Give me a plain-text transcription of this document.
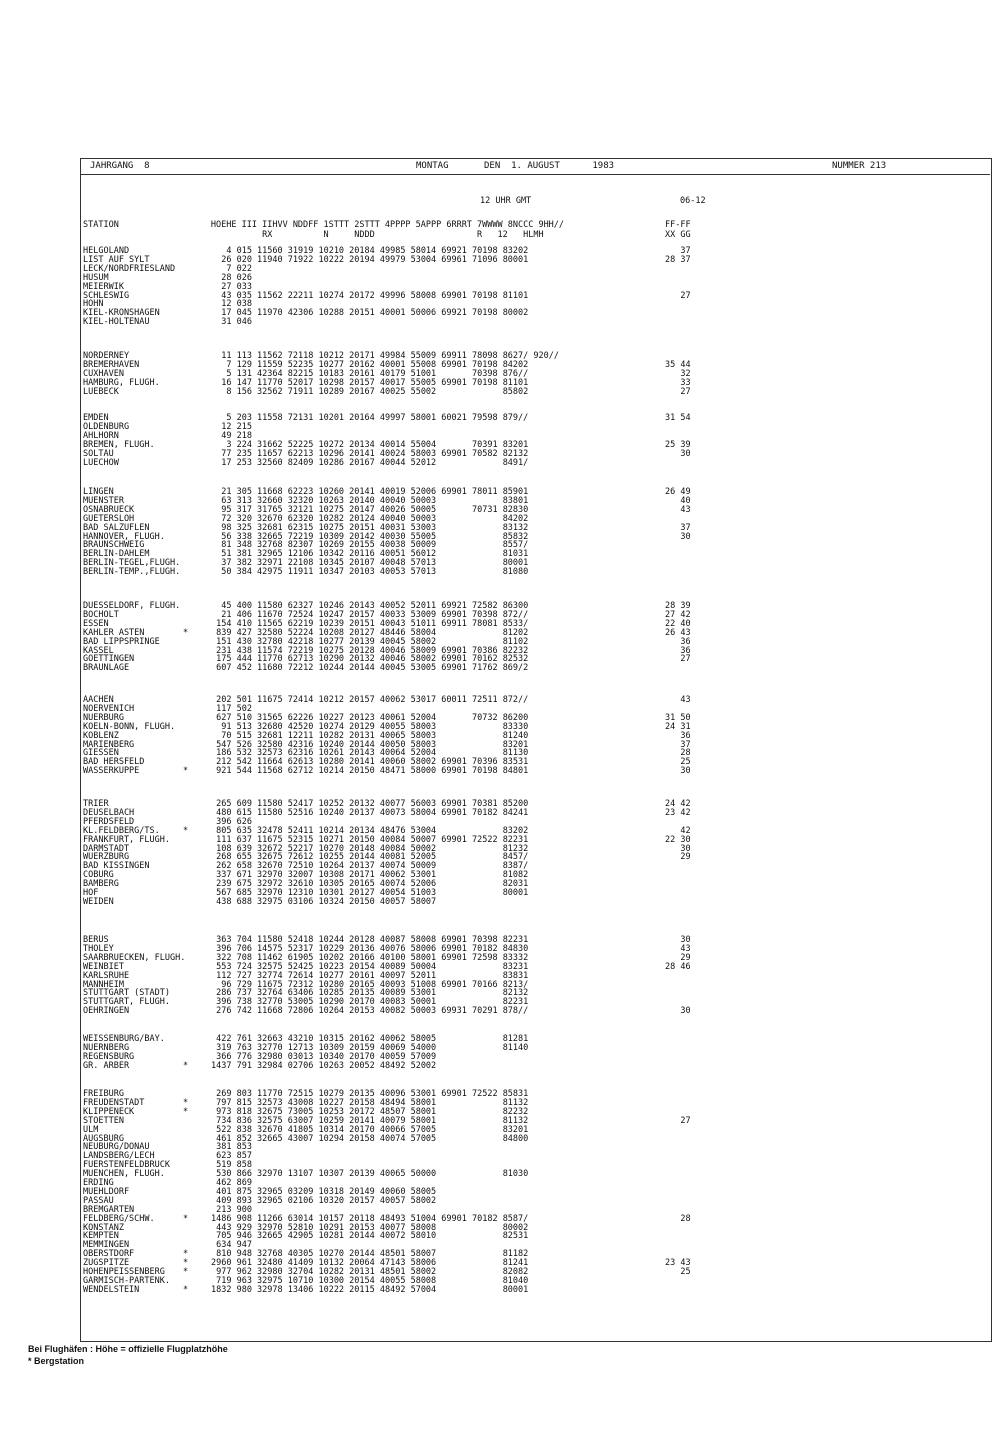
JAHRGANG  8	MONTAG	DEN  1. AUGUST      1983	NUMMER 213
12 UHR GMT	06-12
STATION                  HOEHE III IIHVV NDDFF 1STTT 2STTT 4PPPP 5APPP 6RRRT 7WWWW 8NCCC 9HH//
RX          N     NDDD                    R   12   HLMH
FF-FF
XX GG
HELGOLAND	4 015 11560 31919 10210 20184 49985 58014 69921 70198 83202	37
LIST AUF SYLT	26 020 11940 71922 10222 20194 49979 53004 69961 71096 80001	28 37
LECK/NORDFRIESLAND	7 022
HUSUM	28 026
MEIERWIK	27 033
SCHLESWIG	43 035 11562 22211 10274 20172 49996 58008 69901 70198 81101	27
HOHN	12 038
KIEL-KRONSHAGEN	17 045 11970 42306 10288 20151 40001 50006 69921 70198 80002
KIEL-HOLTENAU	31 046
NORDERNEY	11 113 11562 72118 10212 20171 49984 55009 69911 78098 8627/ 920//
BREMERHAVEN	7 129 11559 52235 10277 20162 40001 55008 69901 70198 84202	35 44
CUXHAVEN	5 131 42364 82215 10183 20161 40179 51001       70398 876//	32
HAMBURG, FLUGH.	16 147 11770 52017 10298 20157 40017 55005 69901 70198 81101	33
LUEBECK	8 156 32562 71911 10289 20167 40025 55002             85802	27
EMDEN	5 203 11558 72131 10201 20164 49997 58001 60021 79598 879//	31 54
OLDENBURG	12 215
AHLHORN	49 218
BREMEN, FLUGH.	3 224 31662 52225 10272 20134 40014 55004       70391 83201	25 39
SOLTAU	77 235 11657 62213 10296 20141 40024 58003 69901 70582 82132	30
LUECHOW	17 253 32560 82409 10286 20167 40044 52012             8491/
LINGEN	21 305 11668 62223 10260 20141 40019 52006 69901 78011 85901	26 49
MUENSTER	63 313 32660 32320 10263 20140 40040 50003             83801	40
OSNABRUECK	95 317 31765 32121 10275 20147 40026 50005       70731 82830	43
GUETERSLOH	72 320 32670 62320 10282 20124 40040 50003             84202
BAD SALZUFLEN	98 325 32681 62315 10275 20151 40031 53003             83132	37
HANNOVER, FLUGH.	56 338 32665 72219 10309 20142 40030 55005             85832	30
BRAUNSCHWEIG	81 348 32768 82307 10269 20155 40038 50009             8557/
BERLIN-DAHLEM	51 381 32965 12106 10342 20116 40051 56012             81031
BERLIN-TEGEL,FLUGH.	37 382 32971 22108 10345 20107 40048 57013             80001
BERLIN-TEMP.,FLUGH.	50 384 42975 11911 10347 20103 40053 57013             81080
DUESSELDORF, FLUGH.	45 400 11580 62327 10246 20143 40052 52011 69921 72582 86300	28 39
BOCHOLT	21 406 11670 72524 10247 20157 40033 53009 69901 70398 872//	27 42
ESSEN	154 410 11565 62219 10239 20151 40043 51011 69911 78081 8533/	22 40
KAHLER ASTEN	*	839 427 32580 52224 10208 20127 48446 58004             81202	26 43
BAD LIPPSPRINGE	151 430 32780 42218 10277 20139 40045 58002             81102	36
KASSEL	231 438 11574 72219 10275 20128 40046 58009 69901 70386 82232	36
GOETTINGEN	175 444 11770 62713 10290 20132 40046 58002 69901 70162 82532	27
BRAUNLAGE	607 452 11680 72212 10244 20144 40045 53005 69901 71762 869/2
AACHEN	202 501 11675 72414 10212 20157 40062 53017 60011 72511 872//	43
NOERVENICH	117 502
NUERBURG	627 510 31565 62226 10227 20123 40061 52004       70732 86200	31 50
KOELN-BONN, FLUGH.	91 513 32680 42520 10274 20129 40055 58003             83330	24 31
KOBLENZ	70 515 32681 12211 10282 20131 40065 58003             81240	36
MARIENBERG	547 526 32580 42316 10240 20144 40050 58003             83201	37
GIESSEN	186 532 32573 62316 10261 20143 40064 52004             81130	28
BAD HERSFELD	212 542 11664 62613 10280 20141 40060 58002 69901 70396 83531	25
WASSERKUPPE	*	921 544 11568 62712 10214 20150 48471 58000 69901 70198 84801	30
TRIER	265 609 11580 52417 10252 20132 40077 56003 69901 70381 85200	24 42
DEUSELBACH	480 615 11580 52516 10240 20137 40073 58004 69901 70182 84241	23 42
PFERDSFELD	396 626
KL.FELDBERG/TS.	*	805 635 32478 52411 10214 20134 48476 53004             83202	42
FRANKFURT, FLUGH.	111 637 11675 52315 10271 20150 40084 50007 69901 72522 82231	22 30
DARMSTADT	108 639 32672 52217 10270 20148 40084 50002             81232	30
WUERZBURG	268 655 32675 72612 10255 20144 40081 52005             8457/	29
BAD KISSINGEN	262 658 32670 72510 10264 20137 40074 50009             8387/
COBURG	337 671 32970 32007 10308 20171 40062 53001             81082
BAMBERG	239 675 32972 32610 10305 20165 40074 52006             82031
HOF	567 685 32970 12310 10301 20127 40054 51003             80001
WEIDEN	438 688 32975 03106 10324 20150 40057 58007
BERUS	363 704 11580 52418 10244 20128 40087 58008 69901 70398 82231	30
THOLEY	396 706 14575 52317 10229 20136 40076 58006 69901 70182 84830	43
SAARBRUECKEN, FLUGH.	322 708 11462 61905 10202 20166 40100 58001 69901 72598 83332	29
WEINBIET	553 724 32575 52425 10223 20154 40089 50004             83231	28 46
KARLSRUHE	112 727 32774 72614 10277 20161 40097 52011             83831
MANNHEIM	96 729 11675 72312 10280 20165 40093 51008 69901 70166 8213/
STUTTGART (STADT)	286 737 32764 63406 10285 20135 40089 53001             82132
STUTTGART, FLUGH.	396 738 32770 53005 10290 20170 40083 50001             82231
OEHRINGEN	276 742 11668 72806 10264 20153 40082 50003 69931 70291 878//	30
WEISSENBURG/BAY.	422 761 32663 43210 10315 20162 40062 58005             81281
NUERNBERG	319 763 32770 12713 10309 20159 40069 54000             81140
REGENSBURG	366 776 32980 03013 10340 20170 40059 57009
GR. ARBER	*	1437 791 32984 02706 10263 20052 48492 52002
FREIBURG	269 803 11770 72515 10279 20135 40096 53001 69901 72522 85831
FREUDENSTADT	*	797 815 32573 43008 10227 20158 48494 58001             81132
KLIPPENECK	*	973 818 32675 73005 10253 20172 48507 58001             82232
STOETTEN	734 836 32575 63007 10259 20141 40079 58001             81132	27
ULM	522 838 32670 41805 10314 20170 40066 57005             83201
AUGSBURG	461 852 32665 43007 10294 20158 40074 57005             84800
NEUBURG/DONAU	381 853
LANDSBERG/LECH	623 857
FUERSTENFELDBRUCK	519 858
MUENCHEN, FLUGH.	530 866 32970 13107 10307 20139 40065 50000             81030
ERDING	462 869
MUEHLDORF	401 875 32965 03209 10318 20149 40060 58005
PASSAU	409 893 32965 02106 10320 20157 40057 58002
BREMGARTEN	213 900
FELDBERG/SCHW.	*	1486 908 11266 63014 10157 20118 48493 51004 69901 70182 8587/	28
KONSTANZ	443 929 32970 52810 10291 20153 40077 58008             80002
KEMPTEN	705 946 32665 42905 10281 20144 40072 58010             82531
MEMMINGEN	634 947
OBERSTDORF	*	810 948 32768 40305 10270 20144 48501 58007             81182
ZUGSPITZE	*	2960 961 32480 41409 10132 20064 47143 58006             81241	23 43
HOHENPEISSENBERG *	977 962 32980 32704 10282 20131 48501 58002             82082	25
GARMISCH-PARTENK.	719 963 32975 10710 10300 20154 40055 58008             81040
WENDELSTEIN	*	1832 980 32978 13406 10222 20115 48492 57004             80001
Bei Flughäfen : Höhe = offizielle Flugplatzhöhe
* Bergstation
